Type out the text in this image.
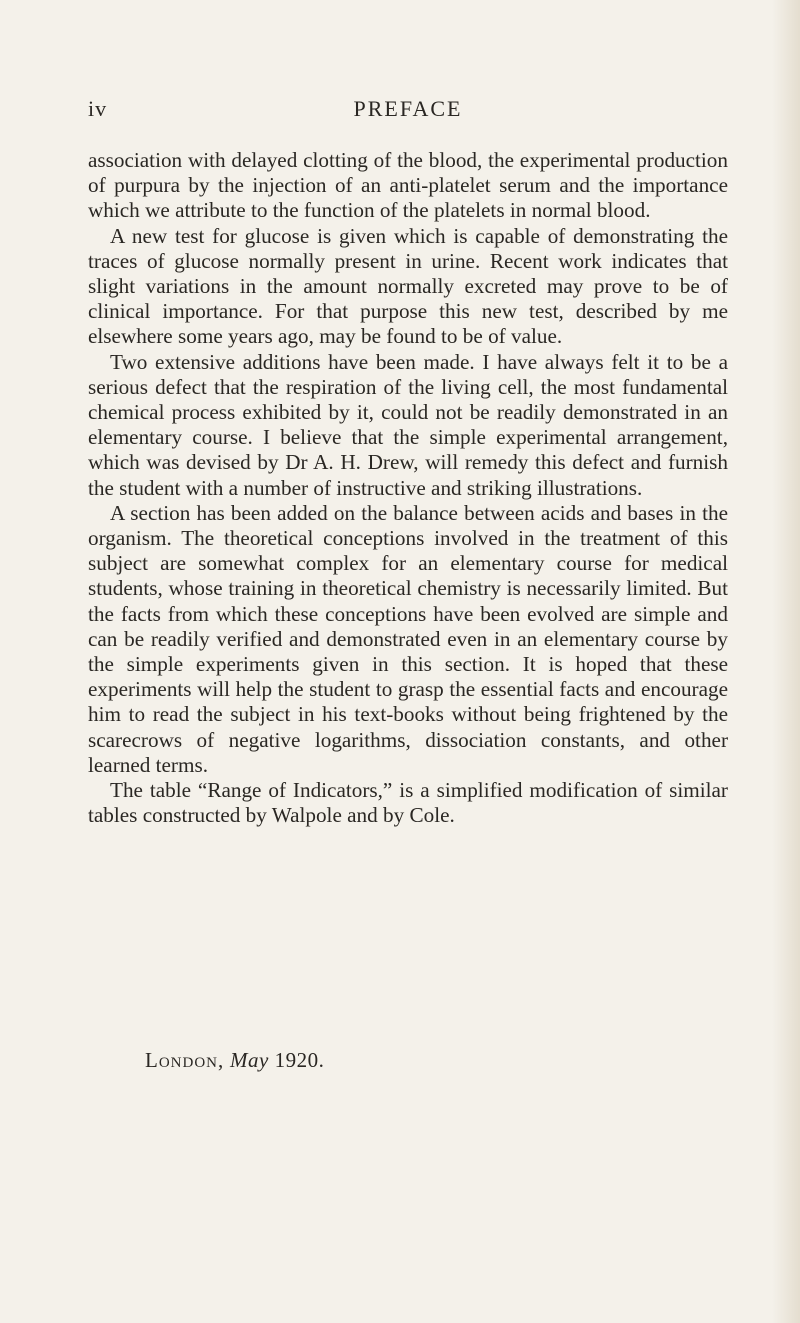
iv	PREFACE

association with delayed clotting of the blood, the experimental production of purpura by the injection of an anti-platelet serum and the importance which we attribute to the function of the platelets in normal blood.

A new test for glucose is given which is capable of demonstrating the traces of glucose normally present in urine. Recent work indicates that slight variations in the amount normally excreted may prove to be of clinical importance. For that purpose this new test, described by me elsewhere some years ago, may be found to be of value.

Two extensive additions have been made. I have always felt it to be a serious defect that the respiration of the living cell, the most fundamental chemical process exhibited by it, could not be readily demonstrated in an elementary course. I believe that the simple experimental arrangement, which was devised by Dr A. H. Drew, will remedy this defect and furnish the student with a number of instructive and striking illustrations.

A section has been added on the balance between acids and bases in the organism. The theoretical conceptions involved in the treatment of this subject are somewhat complex for an elementary course for medical students, whose training in theoretical chemistry is necessarily limited. But the facts from which these conceptions have been evolved are simple and can be readily verified and demonstrated even in an elementary course by the simple experiments given in this section. It is hoped that these experiments will help the student to grasp the essential facts and encourage him to read the subject in his text-books without being frightened by the scarecrows of negative logarithms, dissociation constants, and other learned terms.

The table “Range of Indicators,” is a simplified modification of similar tables constructed by Walpole and by Cole.

London, May 1920.
